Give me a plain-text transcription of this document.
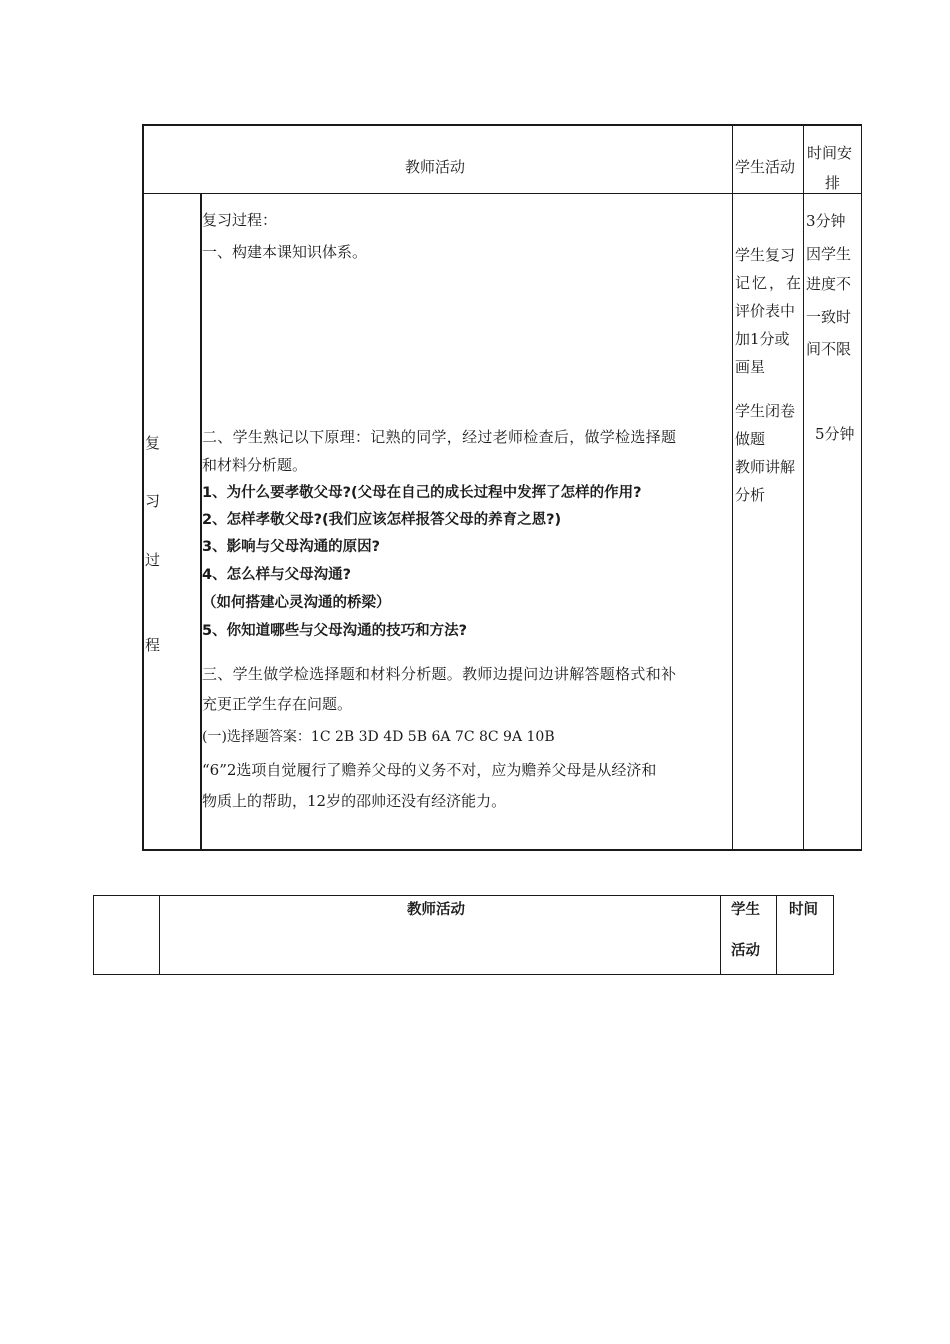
教师活动	学生活动
时间安
排
复
习
过
程
复习过程：
一、构建本课知识体系。
二、学生熟记以下原理：记熟的同学，经过老师检查后，做学检选择题
和材料分析题。
1、为什么要孝敬父母?(父母在自己的成长过程中发挥了怎样的作用?
2、怎样孝敬父母?(我们应该怎样报答父母的养育之恩?)
3、影响与父母沟通的原因?
4、怎么样与父母沟通?
（如何搭建心灵沟通的桥梁）
5、你知道哪些与父母沟通的技巧和方法?
三、学生做学检选择题和材料分析题。教师边提问边讲解答题格式和补
充更正学生存在问题。
(一)选择题答案：1C 2B 3D 4D 5B 6A 7C 8C 9A 10B
“6”2选项自觉履行了赡养父母的义务不对，应为赡养父母是从经济和
物质上的帮助，12岁的邵帅还没有经济能力。
学生复习
记忆，在
评价表中
加1分或
画星
学生闭卷
做题
教师讲解
分析
3分钟
因学生
进度不
一致时
间不限
5分钟
教师活动	学生
活动
时间
